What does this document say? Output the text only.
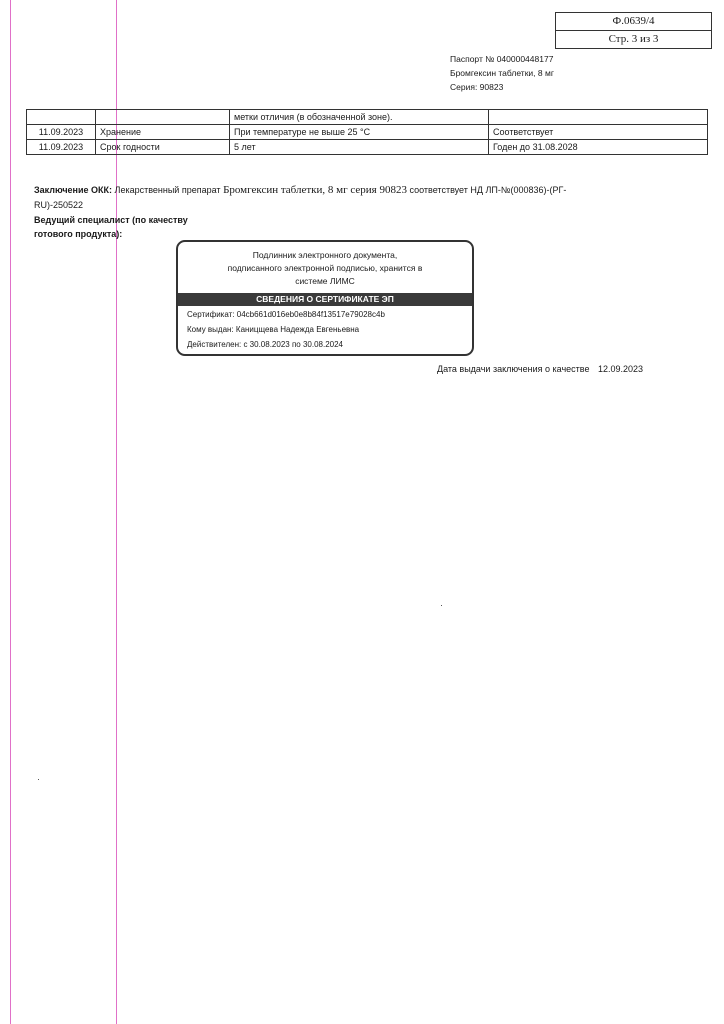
Ф.0639/4
Стр. 3 из 3
Паспорт № 040000448177
Бромгексин таблетки, 8 мг
Серия: 90823
		метки отличия (в обозначенной зоне).	
11.09.2023	Хранение	При температуре не выше 25 °С	Соответствует
11.09.2023	Срок годности	5 лет	Годен до 31.08.2028
Заключение ОКК: Лекарственный препарат Бромгексин таблетки, 8 мг серия 90823 соответствует НД ЛП-№(000836)-(РГ-RU)-250522
Ведущий специалист (по качеству готового продукта):
Подлинник электронного документа,
подписанного электронной подписью, хранится в
системе ЛИМС
СВЕДЕНИЯ О СЕРТИФИКАТЕ ЭП
Сертификат: 04cb661d016eb0e8b84f13517e79028c4b
Кому выдан: Каницщева Надежда Евгеньевна
Действителен: с 30.08.2023 по 30.08.2024
Дата выдачи заключения о качестве 12.09.2023
